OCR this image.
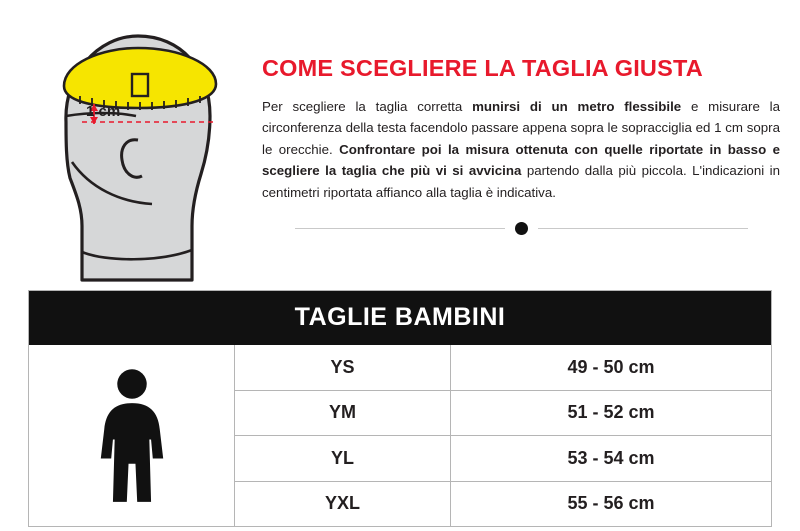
1 cm
COME SCEGLIERE LA TAGLIA GIUSTA

Per scegliere la taglia corretta munirsi di un metro flessibile e misurare la circonferenza della testa facendolo passare appena sopra le sopracciglia ed 1 cm sopra le orecchie. Confrontare poi la misura ottenuta con quelle riportate in basso e scegliere la taglia che più vi si avvicina partendo dalla più piccola. L'indicazioni in centimetri riportata affianco alla taglia è indicativa.

TAGLIE BAMBINI
YS	49 - 50 cm
YM	51 - 52 cm
YL	53 - 54 cm
YXL	55 - 56 cm
